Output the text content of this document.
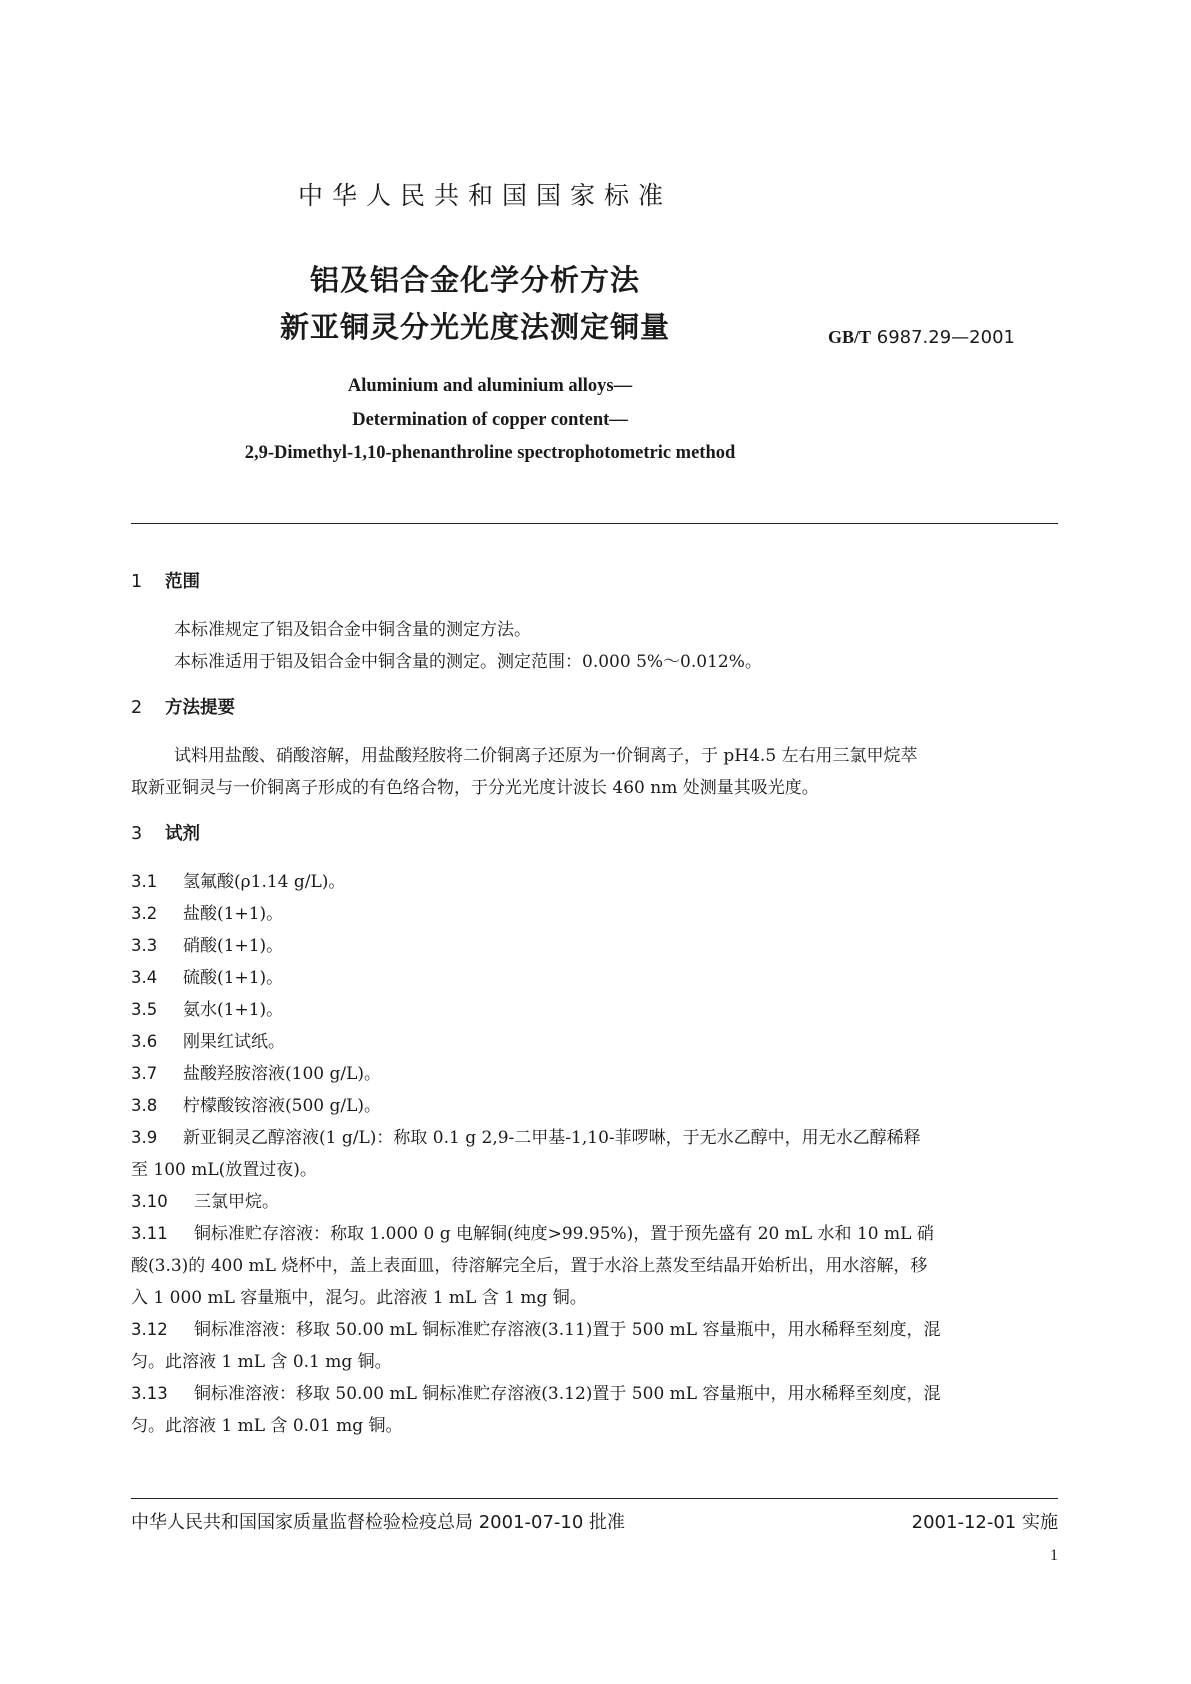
中华人民共和国国家标准
铝及铝合金化学分析方法
新亚铜灵分光光度法测定铜量	GB/T 6987.29—2001
Aluminium and aluminium alloys—
Determination of copper content—
2,9-Dimethyl-1,10-phenanthroline spectrophotometric method
1 范围
本标准规定了铝及铝合金中铜含量的测定方法。
本标准适用于铝及铝合金中铜含量的测定。测定范围：0.000 5%～0.012%。
2 方法提要
试料用盐酸、硝酸溶解，用盐酸羟胺将二价铜离子还原为一价铜离子，于 pH4.5 左右用三氯甲烷萃
取新亚铜灵与一价铜离子形成的有色络合物，于分光光度计波长 460 nm 处测量其吸光度。
3 试剂
3.1 氢氟酸(ρ1.14 g/L)。
3.2 盐酸(1+1)。
3.3 硝酸(1+1)。
3.4 硫酸(1+1)。
3.5 氨水(1+1)。
3.6 刚果红试纸。
3.7 盐酸羟胺溶液(100 g/L)。
3.8 柠檬酸铵溶液(500 g/L)。
3.9 新亚铜灵乙醇溶液(1 g/L)：称取 0.1 g 2,9-二甲基-1,10-菲啰啉，于无水乙醇中，用无水乙醇稀释
至 100 mL(放置过夜)。
3.10 三氯甲烷。
3.11 铜标准贮存溶液：称取 1.000 0 g 电解铜(纯度>99.95%)，置于预先盛有 20 mL 水和 10 mL 硝
酸(3.3)的 400 mL 烧杯中，盖上表面皿，待溶解完全后，置于水浴上蒸发至结晶开始析出，用水溶解，移
入 1 000 mL 容量瓶中，混匀。此溶液 1 mL 含 1 mg 铜。
3.12 铜标准溶液：移取 50.00 mL 铜标准贮存溶液(3.11)置于 500 mL 容量瓶中，用水稀释至刻度，混
匀。此溶液 1 mL 含 0.1 mg 铜。
3.13 铜标准溶液：移取 50.00 mL 铜标准贮存溶液(3.12)置于 500 mL 容量瓶中，用水稀释至刻度，混
匀。此溶液 1 mL 含 0.01 mg 铜。
中华人民共和国国家质量监督检验检疫总局 2001-07-10 批准	2001-12-01 实施
1
